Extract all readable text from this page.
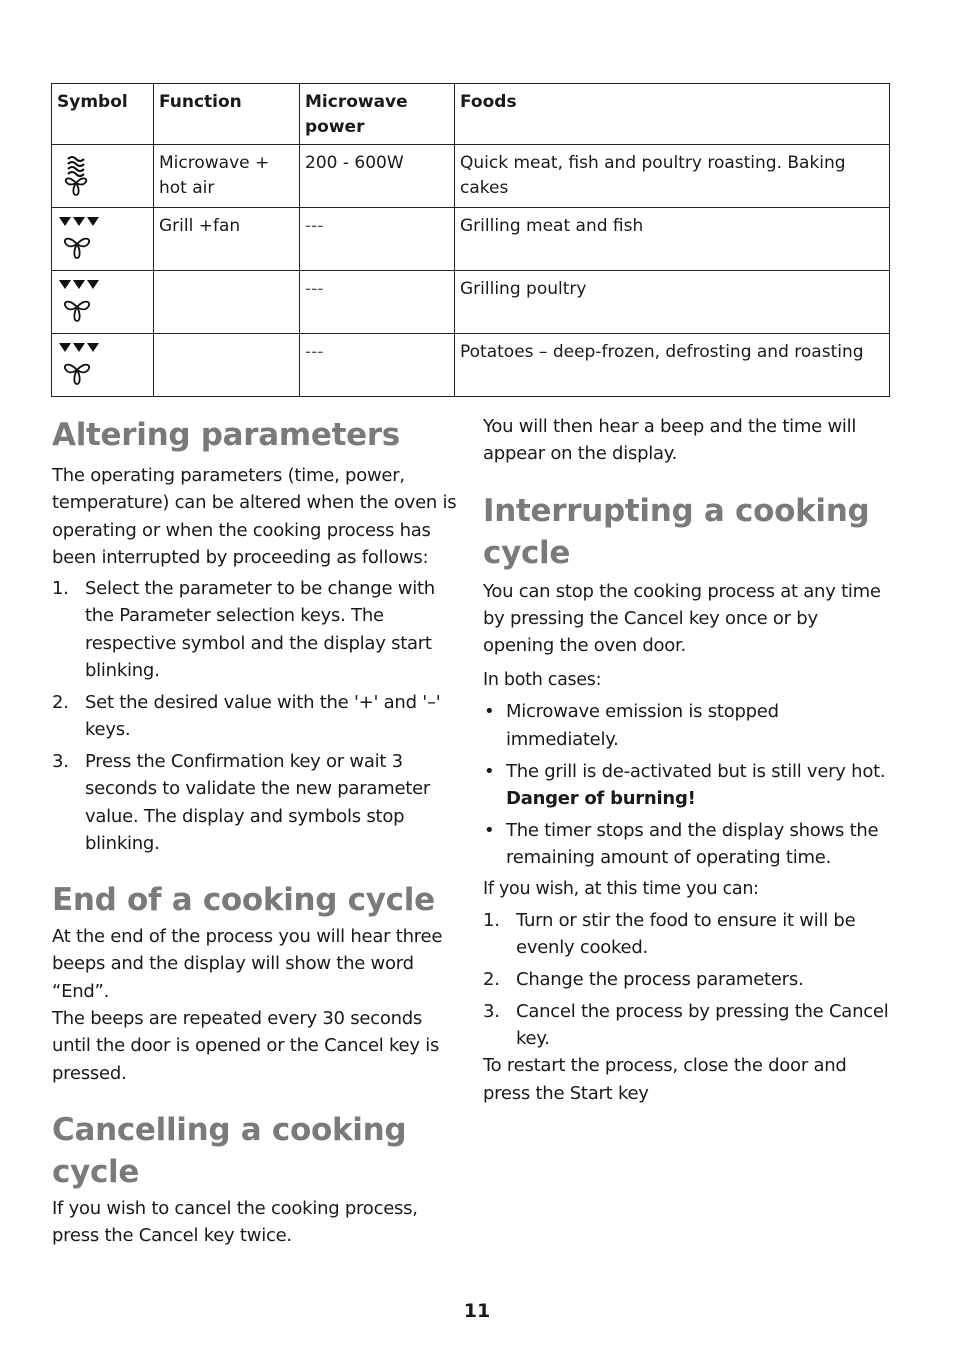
Symbol	Function	Microwave power	Foods

	Microwave + hot air	200 - 600W	Quick meat, fish and poultry roasting. Baking cakes

	Grill +fan	---	Grilling meat and fish

		---	Grilling poultry

		---	Potatoes – deep-frozen, defrosting and roasting
Altering parameters

The operating parameters (time, power, temperature) can be altered when the oven is operating or when the cooking process has been interrupted by proceeding as follows:

1. Select the parameter to be change with the Parameter selection keys. The respective symbol and the display start blinking.
2. Set the desired value with the '+' and '–' keys.
3. Press the Confirmation key or wait 3 seconds to validate the new parameter value. The display and symbols stop blinking.
End of a cooking cycle

At the end of the process you will hear three beeps and the display will show the word “End”.

The beeps are repeated every 30 seconds until the door is opened or the Cancel key is pressed.

Cancelling a cooking cycle

If you wish to cancel the cooking process, press the Cancel key twice.

You will then hear a beep and the time will appear on the display.

Interrupting a cooking cycle

You can stop the cooking process at any time by pressing the Cancel key once or by opening the oven door.

In both cases:
• Microwave emission is stopped immediately.
• The grill is de-activated but is still very hot.
Danger of burning!
• The timer stops and the display shows the remaining amount of operating time.
If you wish, at this time you can:
1. Turn or stir the food to ensure it will be evenly cooked.
2. Change the process parameters.
3. Cancel the process by pressing the Cancel key.

To restart the process, close the door and press the Start key

11
